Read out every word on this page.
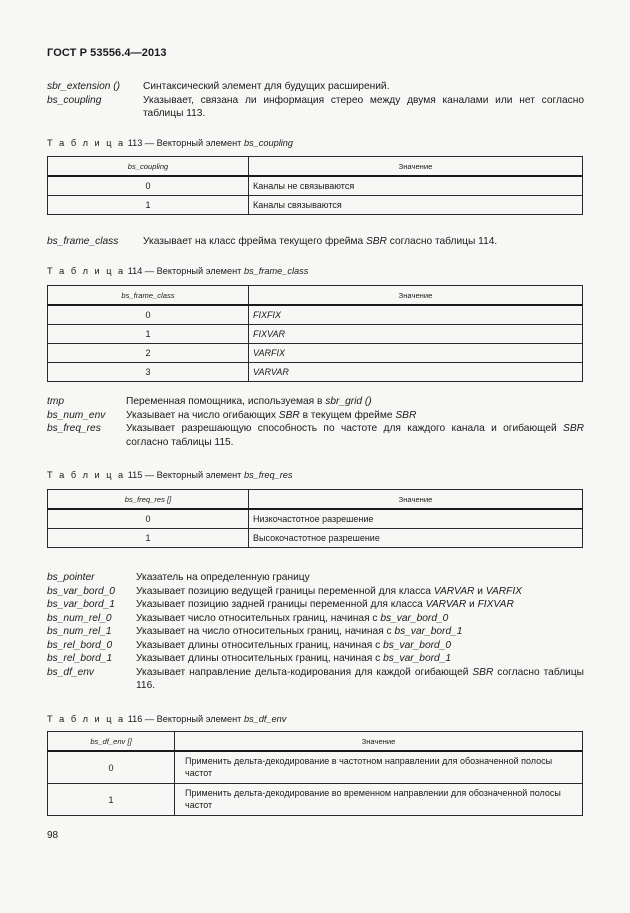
ГОСТ Р 53556.4—2013
sbr_extension ()	Синтаксический элемент для будущих расширений.
bs_coupling	Указывает, связана ли информация стерео между двумя каналами или нет согласно таблицы 113.
Т а б л и ц а 113 — Векторный элемент bs_coupling
bs_coupling	Значение
0	Каналы не связываются
1	Каналы связываются
bs_frame_class	Указывает на класс фрейма текущего фрейма SBR согласно таблицы 114.
Т а б л и ц а 114 — Векторный элемент bs_frame_class
bs_frame_class	Значение
0	FIXFIX
1	FIXVAR
2	VARFIX
3	VARVAR
tmp	Переменная помощника, используемая в sbr_grid ()
bs_num_env	Указывает на число огибающих SBR в текущем фрейме SBR
bs_freq_res	Указывает разрешающую способность по частоте для каждого канала и огибающей SBR согласно таблицы 115.
Т а б л и ц а 115 — Векторный элемент bs_freq_res
bs_freq_res []	Значение
0	Низкочастотное разрешение
1	Высокочастотное разрешение
bs_pointer	Указатель на определенную границу
bs_var_bord_0	Указывает позицию ведущей границы переменной для класса VARVAR и VARFIX
bs_var_bord_1	Указывает позицию задней границы переменной для класса VARVAR и FIXVAR
bs_num_rel_0	Указывает число относительных границ, начиная с bs_var_bord_0
bs_num_rel_1	Указывает на число относительных границ, начиная с bs_var_bord_1
bs_rel_bord_0	Указывает длины относительных границ, начиная с bs_var_bord_0
bs_rel_bord_1	Указывает длины относительных границ, начиная с bs_var_bord_1
bs_df_env	Указывает направление дельта-кодирования для каждой огибающей SBR согласно таблицы 116.
Т а б л и ц а 116 — Векторный элемент bs_df_env
bs_df_env []	Значение
0	Применить дельта-декодирование в частотном направлении для обозначенной полосы частот
1	Применить дельта-декодирование во временном направлении для обозначенной полосы частот
98
